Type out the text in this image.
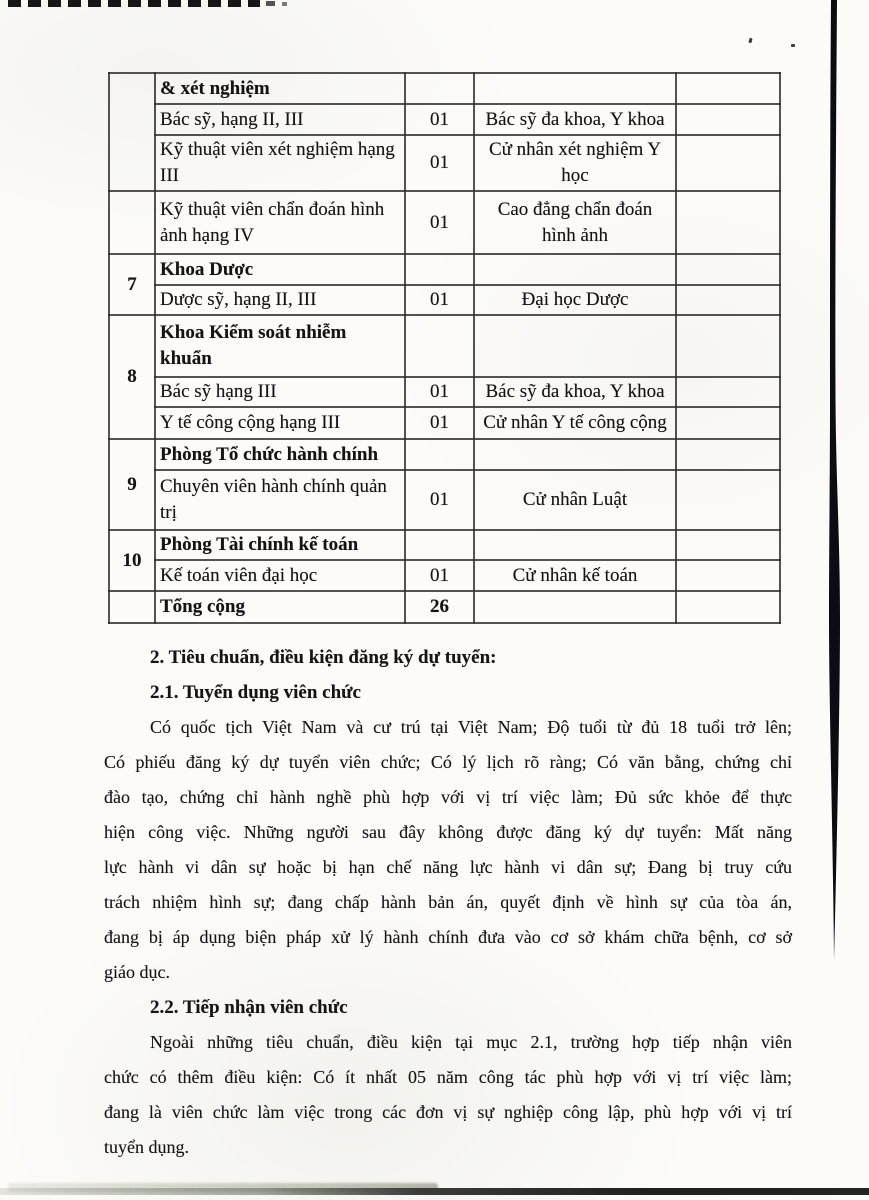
	& xét nghiệm			
	Bác sỹ, hạng II, III	01	Bác sỹ đa khoa, Y khoa	
	Kỹ thuật viên xét nghiệm hạng III	01	Cử nhân xét nghiệm Y học	
	Kỹ thuật viên chẩn đoán hình ảnh hạng IV	01	Cao đẳng chẩn đoán hình ảnh	
7	Khoa Dược			
	Dược sỹ, hạng II, III	01	Đại học Dược	
8	Khoa Kiểm soát nhiễm khuẩn			
	Bác sỹ hạng III	01	Bác sỹ đa khoa, Y khoa	
	Y tế công cộng hạng III	01	Cử nhân Y tế công cộng	
9	Phòng Tổ chức hành chính			
	Chuyên viên hành chính quản trị	01	Cử nhân Luật	
10	Phòng Tài chính kế toán			
	Kế toán viên đại học	01	Cử nhân kế toán	
	Tổng cộng	26		
2. Tiêu chuẩn, điều kiện đăng ký dự tuyển:
2.1. Tuyển dụng viên chức
Có quốc tịch Việt Nam và cư trú tại Việt Nam; Độ tuổi từ đủ 18 tuổi trở lên;
Có phiếu đăng ký dự tuyển viên chức; Có lý lịch rõ ràng; Có văn bằng, chứng chỉ
đào tạo, chứng chỉ hành nghề phù hợp với vị trí việc làm; Đủ sức khỏe để thực
hiện công việc. Những người sau đây không được đăng ký dự tuyển: Mất năng
lực hành vi dân sự hoặc bị hạn chế năng lực hành vi dân sự; Đang bị truy cứu
trách nhiệm hình sự; đang chấp hành bản án, quyết định về hình sự của tòa án,
đang bị áp dụng biện pháp xử lý hành chính đưa vào cơ sở khám chữa bệnh, cơ sở
giáo dục.
2.2. Tiếp nhận viên chức
Ngoài những tiêu chuẩn, điều kiện tại mục 2.1, trường hợp tiếp nhận viên
chức có thêm điều kiện: Có ít nhất 05 năm công tác phù hợp với vị trí việc làm;
đang là viên chức làm việc trong các đơn vị sự nghiệp công lập, phù hợp với vị trí
tuyển dụng.
